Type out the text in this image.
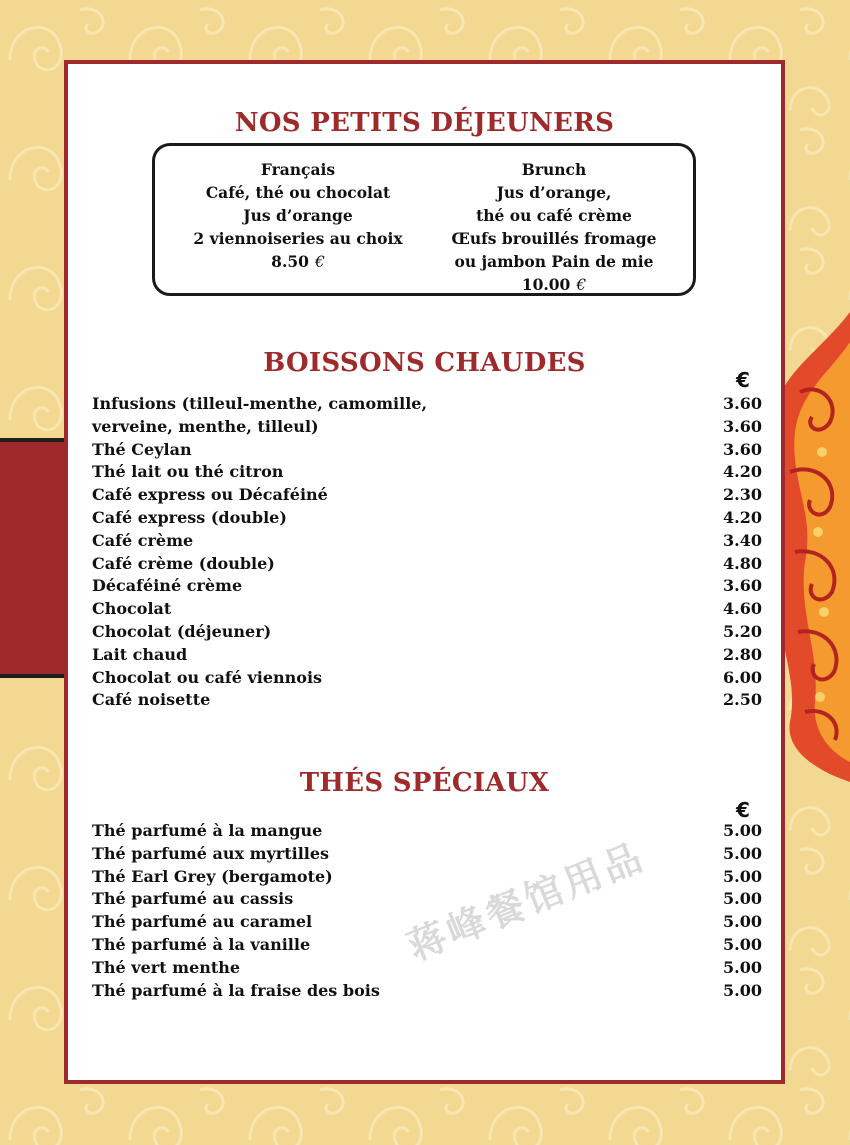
NOS PETITS DÉJEUNERS
Français
Café, thé ou chocolat
Jus d’orange
2 viennoiseries au choix
8.50 €
Brunch
Jus d’orange,
thé ou café crème
Œufs brouillés fromage
ou jambon Pain de mie
10.00 €
BOISSONS CHAUDES
€
Infusions (tilleul-menthe, camomille,	3.60
verveine, menthe, tilleul)	3.60
Thé Ceylan	3.60
Thé lait ou thé citron	4.20
Café express ou Décaféiné	2.30
Café express (double)	4.20
Café crème	3.40
Café crème (double)	4.80
Décaféiné crème	3.60
Chocolat	4.60
Chocolat (déjeuner)	5.20
Lait chaud	2.80
Chocolat ou café viennois	6.00
Café noisette	2.50
THÉS SPÉCIAUX
€
Thé parfumé à la mangue	5.00
Thé parfumé aux myrtilles	5.00
Thé Earl Grey (bergamote)	5.00
Thé parfumé au cassis	5.00
Thé parfumé au caramel	5.00
Thé parfumé à la vanille	5.00
Thé vert menthe	5.00
Thé parfumé à la fraise des bois	5.00
蒋峰餐馆用品
